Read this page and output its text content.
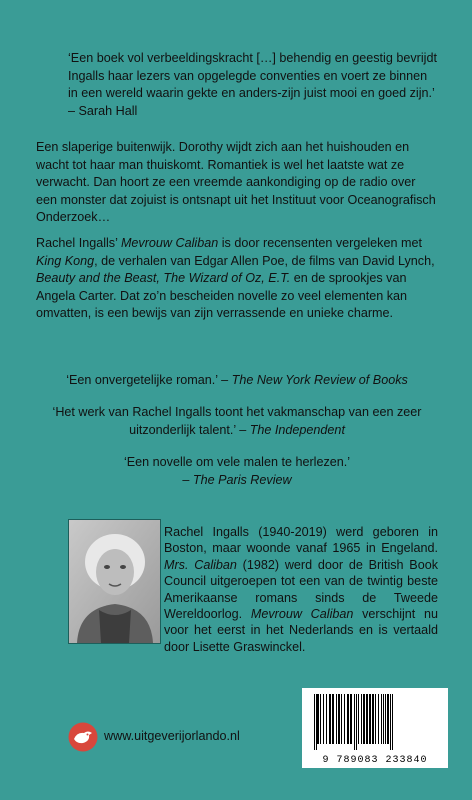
‘Een boek vol verbeeldingskracht […] behendig en geestig bevrijdt Ingalls haar lezers van opgelegde conventies en voert ze binnen in een wereld waarin gekte en anders-zijn juist mooi en goed zijn.’ – Sarah Hall

Een slaperige buitenwijk. Dorothy wijdt zich aan het huishouden en wacht tot haar man thuiskomt. Romantiek is wel het laatste wat ze verwacht. Dan hoort ze een vreemde aankondiging op de radio over een monster dat zojuist is ontsnapt uit het Instituut voor Oceanografisch Onderzoek…

Rachel Ingalls’ Mevrouw Caliban is door recensenten vergeleken met King Kong, de verhalen van Edgar Allen Poe, de films van David Lynch, Beauty and the Beast, The Wizard of Oz, E.T. en de sprookjes van Angela Carter. Dat zo’n bescheiden novelle zo veel elementen kan omvatten, is een bewijs van zijn verrassende en unieke charme.

‘Een onvergetelijke roman.’ – The New York Review of Books

‘Het werk van Rachel Ingalls toont het vakmanschap van een zeer uitzonderlijk talent.’ – The Independent

‘Een novelle om vele malen te herlezen.’
– The Paris Review

Rachel Ingalls (1940-2019) werd geboren in Boston, maar woonde vanaf 1965 in Engeland. Mrs. Caliban (1982) werd door de British Book Council uitgeroepen tot een van de twintig beste Amerikaanse romans sinds de Tweede Wereldoorlog. Mevrouw Caliban verschijnt nu voor het eerst in het Nederlands en is vertaald door Lisette Graswinckel.

9 789083 233840
www.uitgeverijorlando.nl
